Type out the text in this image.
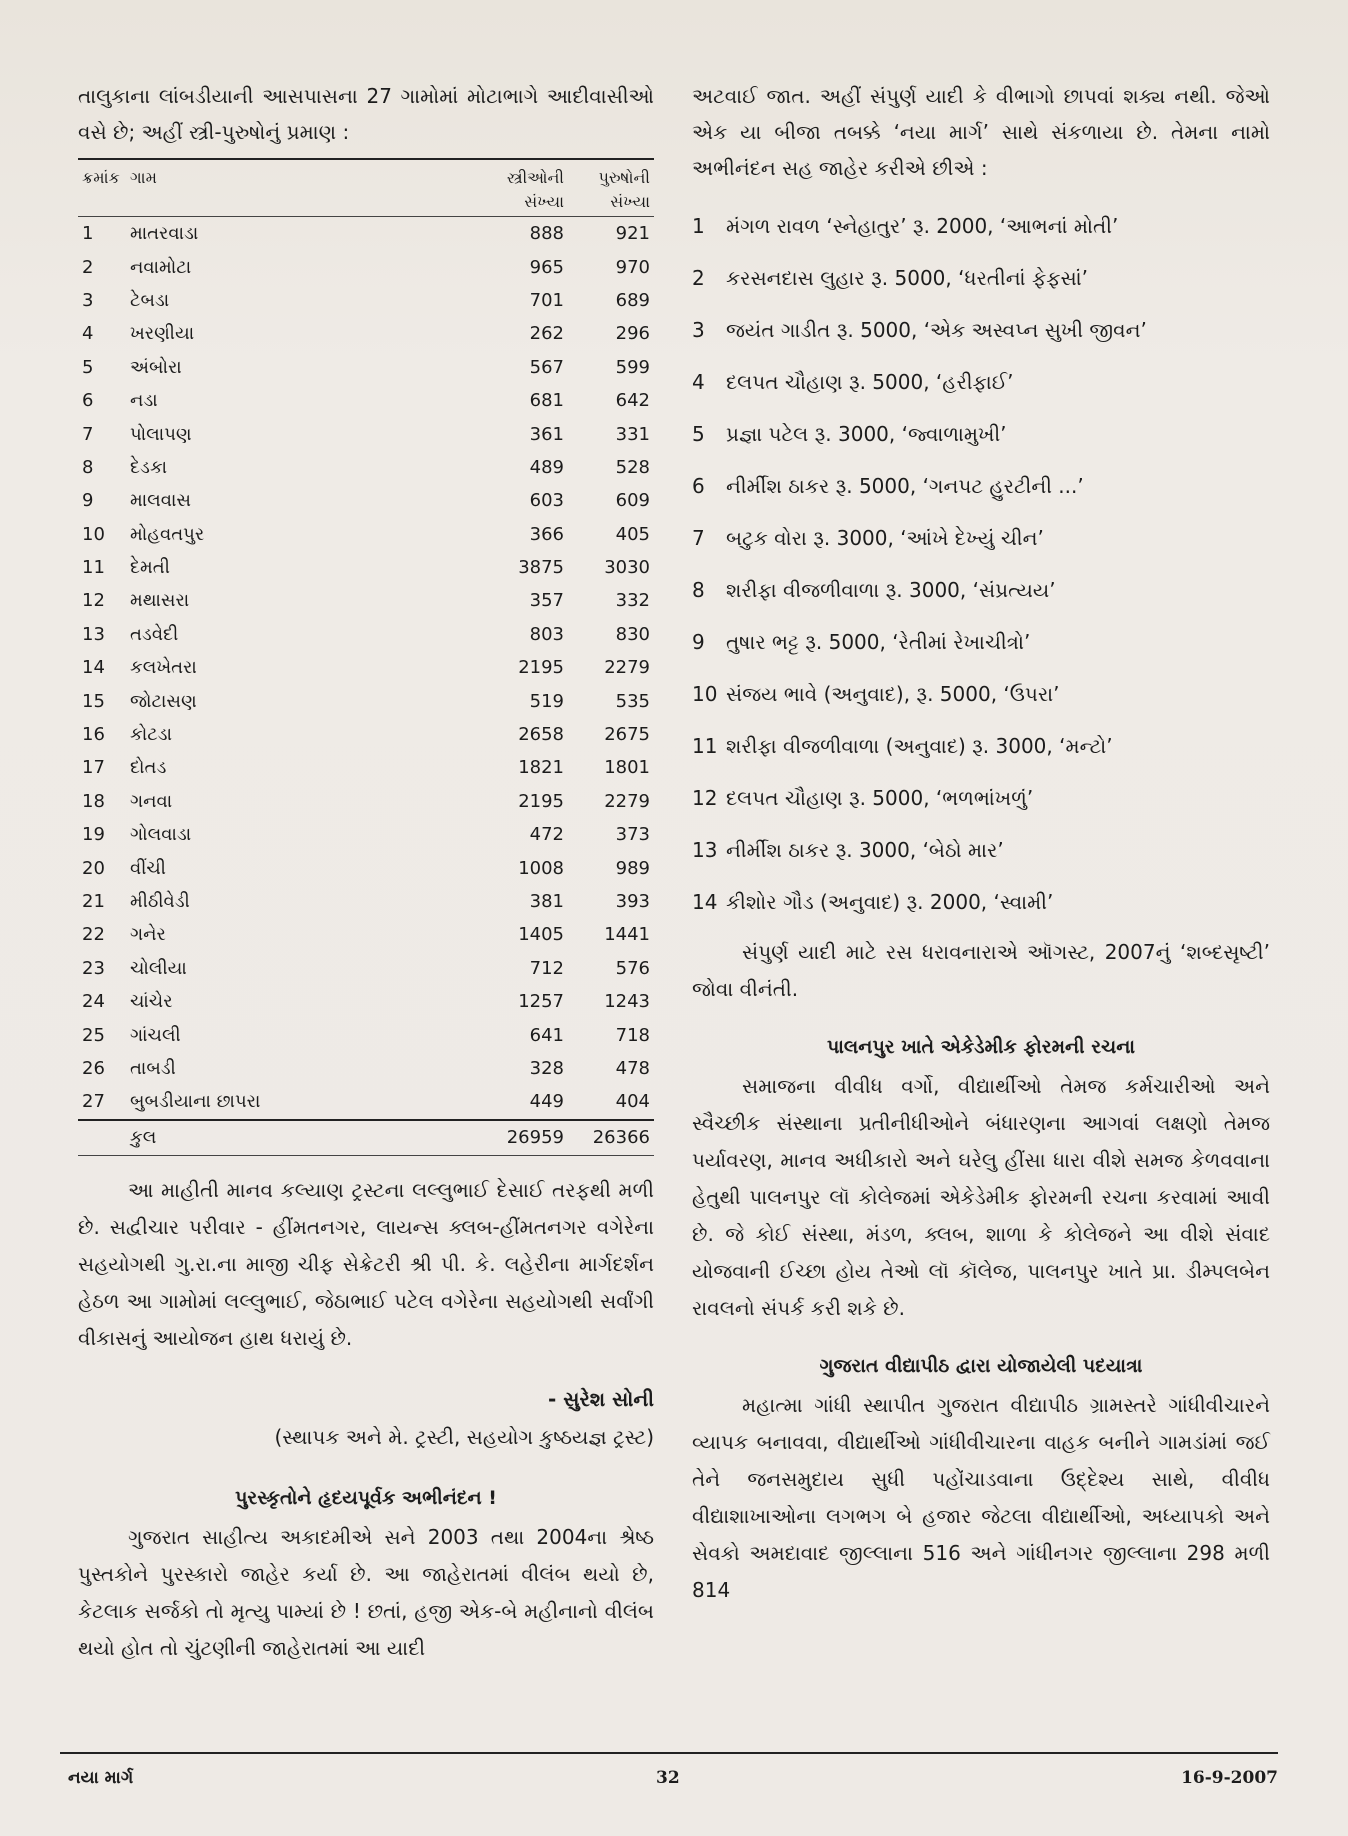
તાલુકાના લાંબડીયાની આસપાસના 27 ગામોમાં મોટાભાગે આદીવાસીઓ વસે છે; અહીં સ્ત્રી-પુરુષોનું પ્રમાણ :

ક્રમાંક	ગામ	સ્ત્રીઓની	પુરુષોની
		સંખ્યા	સંખ્યા
1	માતરવાડા	888	921
2	નવામોટા	965	970
3	ટેબડા	701	689
4	ખરણીયા	262	296
5	અંબોરા	567	599
6	નડા	681	642
7	પોલાપણ	361	331
8	દેડકા	489	528
9	માલવાસ	603	609
10	મોહવતપુર	366	405
11	દેમતી	3875	3030
12	મથાસરા	357	332
13	તડવેદી	803	830
14	કલખેતરા	2195	2279
15	જોટાસણ	519	535
16	કોટડા	2658	2675
17	દોતડ	1821	1801
18	ગનવા	2195	2279
19	ગોલવાડા	472	373
20	વીંચી	1008	989
21	મીઠીવેડી	381	393
22	ગનેર	1405	1441
23	ચોલીયા	712	576
24	ચાંચેર	1257	1243
25	ગાંચલી	641	718
26	તાબડી	328	478
27	બુબડીયાના છાપરા	449	404
	કુલ	26959	26366

આ માહીતી માનવ કલ્યાણ ટ્રસ્ટના લલ્લુભાઈ દેસાઈ તરફથી મળી છે. સદ્વીચાર પરીવાર - હીંમતનગર, લાયન્સ ક્લબ-હીંમતનગર વગેરેના સહયોગથી ગુ.રા.ના માજી ચીફ સેક્રેટરી શ્રી પી. કે. લહેરીના માર્ગદર્શન હેઠળ આ ગામોમાં લલ્લુભાઈ, જેઠાભાઈ પટેલ વગેરેના સહયોગથી સર્વાંગી વીકાસનું આયોજન હાથ ધરાયું છે.

- સુરેશ સોની

(સ્થાપક અને મે. ટ્રસ્ટી, સહયોગ કુષ્ઠયજ્ઞ ટ્રસ્ટ)

પુરસ્કૃતોને હૃદયપૂર્વક અભીનંદન !

ગુજરાત સાહીત્ય અકાદમીએ સને 2003 તથા 2004ના શ્રેષ્ઠ પુસ્તકોને પુરસ્કારો જાહેર કર્યા છે. આ જાહેરાતમાં વીલંબ થયો છે, કેટલાક સર્જકો તો મૃત્યુ પામ્યાં છે ! છતાં, હજી એક-બે મહીનાનો વીલંબ થયો હોત તો ચુંટણીની જાહેરાતમાં આ યાદી

અટવાઈ જાત. અહીં સંપુર્ણ યાદી કે વીભાગો છાપવાં શક્ય નથી. જેઓ એક યા બીજા તબક્કે ‘નયા માર્ગ’ સાથે સંકળાયા છે. તેમના નામો અભીનંદન સહ જાહેર કરીએ છીએ :

1 મંગળ રાવળ ‘સ્નેહાતુર’ રૂ. 2000, ‘આભનાં મોતી’
2 કરસનદાસ લુહાર રૂ. 5000, ‘ધરતીનાં ફેફસાં’
3 જયંત ગાડીત રૂ. 5000, ‘એક અસ્વપ્ન સુખી જીવન’
4 દલપત ચૌહાણ રૂ. 5000, ‘હરીફાઈ’
5 પ્રજ્ઞા પટેલ રૂ. 3000, ‘જ્વાળામુખી’
6 નીર્મીશ ઠાકર રૂ. 5000, ‘ગનપટ હુરટીની ...’
7 બટુક વોરા રૂ. 3000, ‘આંખે દેખ્યું ચીન’
8 શરીફા વીજળીવાળા રૂ. 3000, ‘સંપ્રત્યય’
9 તુષાર ભટ્ટ રૂ. 5000, ‘રેતીમાં રેખાચીત્રો’
10 સંજય ભાવે (અનુવાદ), રૂ. 5000, ‘ઉપરા’
11 શરીફા વીજળીવાળા (અનુવાદ) રૂ. 3000, ‘મન્ટો’
12 દલપત ચૌહાણ રૂ. 5000, ‘ભળભાંખળું’
13 નીર્મીશ ઠાકર રૂ. 3000, ‘બેઠો માર’
14 કીશોર ગૌડ (અનુવાદ) રૂ. 2000, ‘સ્વામી’

સંપુર્ણ યાદી માટે રસ ધરાવનારાએ ઑગસ્ટ, 2007નું ‘શબ્દસૃષ્ટી’ જોવા વીનંતી.

પાલનપુર ખાતે એકેડેમીક ફોરમની રચના

સમાજના વીવીધ વર્ગો, વીદ્યાર્થીઓ તેમજ કર્મચારીઓ અને સ્વૈચ્છીક સંસ્થાના પ્રતીનીધીઓને બંધારણના આગવાં લક્ષણો તેમજ પર્યાવરણ, માનવ અધીકારો અને ઘરેલુ હીંસા ધારા વીશે સમજ કેળવવાના હેતુથી પાલનપુર લૉ કોલેજમાં એકેડેમીક ફોરમની રચના કરવામાં આવી છે. જે કોઈ સંસ્થા, મંડળ, ક્લબ, શાળા કે કોલેજને આ વીશે સંવાદ યોજવાની ઈચ્છા હોય તેઓ લૉ કૉલેજ, પાલનપુર ખાતે પ્રા. ડીમ્પલબેન રાવલનો સંપર્ક કરી શકે છે.

ગુજરાત વીદ્યાપીઠ દ્વારા યોજાયેલી પદયાત્રા

મહાત્મા ગાંધી સ્થાપીત ગુજરાત વીદ્યાપીઠ ગ્રામસ્તરે ગાંધીવીચારને વ્યાપક બનાવવા, વીદ્યાર્થીઓ ગાંધીવીચારના વાહક બનીને ગામડાંમાં જઈ તેને જનસમુદાય સુધી પહોંચાડવાના ઉદ્દેશ્ય સાથે, વીવીધ વીદ્યાશાખાઓના લગભગ બે હજાર જેટલા વીદ્યાર્થીઓ, અધ્યાપકો અને સેવકો અમદાવાદ જીલ્લાના 516 અને ગાંધીનગર જીલ્લાના 298 મળી 814

નયા માર્ગ	32	16-9-2007
